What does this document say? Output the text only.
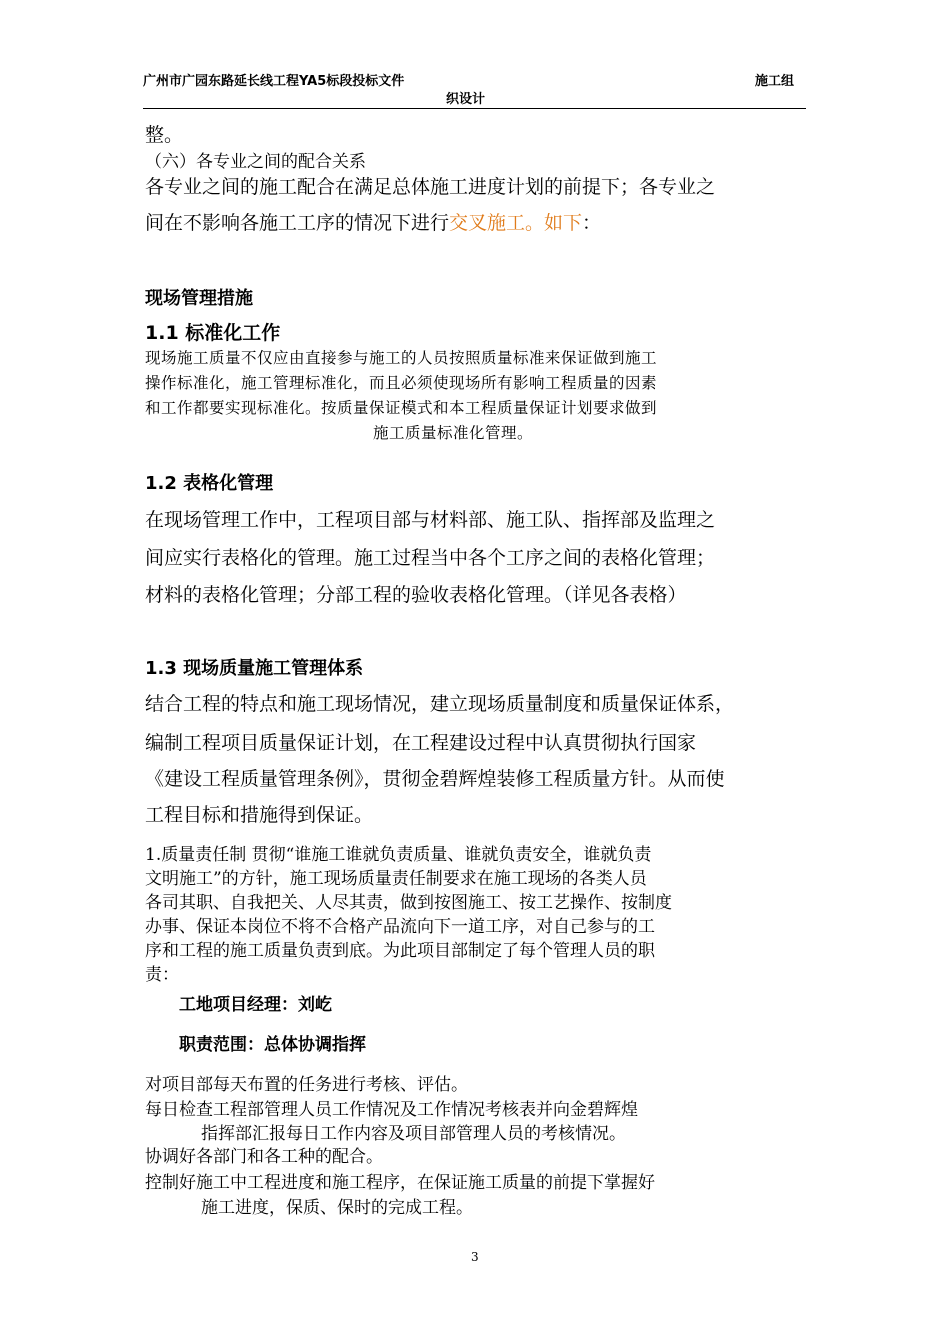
广州市广园东路延长线工程YA5标段投标文件	施工组
织设计
整。
（六）各专业之间的配合关系
各专业之间的施工配合在满足总体施工进度计划的前提下；各专业之
间在不影响各施工工序的情况下进行交叉施工。如下：
现场管理措施
1.1 标准化工作
现场施工质量不仅应由直接参与施工的人员按照质量标准来保证做到施工
操作标准化，施工管理标准化，而且必须使现场所有影响工程质量的因素
和工作都要实现标准化。按质量保证模式和本工程质量保证计划要求做到
施工质量标准化管理。
1.2 表格化管理
在现场管理工作中，工程项目部与材料部、施工队、指挥部及监理之
间应实行表格化的管理。施工过程当中各个工序之间的表格化管理；
材料的表格化管理；分部工程的验收表格化管理。（详见各表格）
1.3 现场质量施工管理体系
结合工程的特点和施工现场情况，建立现场质量制度和质量保证体系，
编制工程项目质量保证计划，在工程建设过程中认真贯彻执行国家
《建设工程质量管理条例》，贯彻金碧辉煌装修工程质量方针。从而使
工程目标和措施得到保证。
1.质量责任制 贯彻“谁施工谁就负责质量、谁就负责安全，谁就负责
文明施工”的方针，施工现场质量责任制要求在施工现场的各类人员
各司其职、自我把关、人尽其责，做到按图施工、按工艺操作、按制度
办事、保证本岗位不将不合格产品流向下一道工序，对自己参与的工
序和工程的施工质量负责到底。为此项目部制定了每个管理人员的职
责：
工地项目经理：刘屹
职责范围：总体协调指挥
对项目部每天布置的任务进行考核、评估。
每日检查工程部管理人员工作情况及工作情况考核表并向金碧辉煌
指挥部汇报每日工作内容及项目部管理人员的考核情况。
协调好各部门和各工种的配合。
控制好施工中工程进度和施工程序，在保证施工质量的前提下掌握好
施工进度，保质、保时的完成工程。
3
